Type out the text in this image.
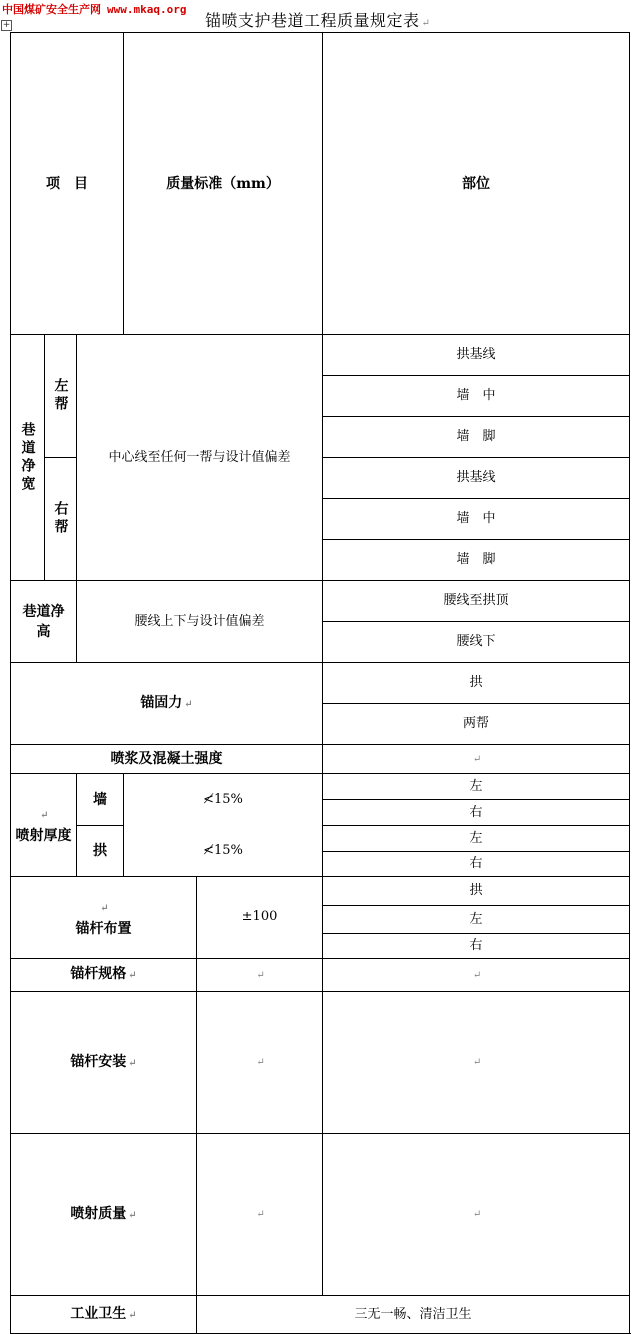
中国煤矿安全生产网 www.mkaq.org
+	锚喷支护巷道工程质量规定表 ↵
项　目			质量标准（mm）		部位	

巷道净宽	左帮	中心线至任何一帮与设计值偏差			拱基线	
					墙　中	
					墙　脚	
	右帮				拱基线	
					墙　中	
					墙　脚	
巷道净高		腰线上下与设计值偏差			腰线至拱顶	
					腰线下	
锚固力 ↵					拱	
					两帮	
喷浆及混凝土强度					↵	
↵
喷射厚度		墙	≮15%		左	
					右	
		拱	≮15%		左	
					右	
↵
锚杆布置				±100	拱	
					左	
					右	
锚杆规格 ↵				↵	↵	
锚杆安装 ↵				↵	↵	
喷射质量 ↵				↵	↵	
工业卫生 ↵				三无一畅、清洁卫生		
